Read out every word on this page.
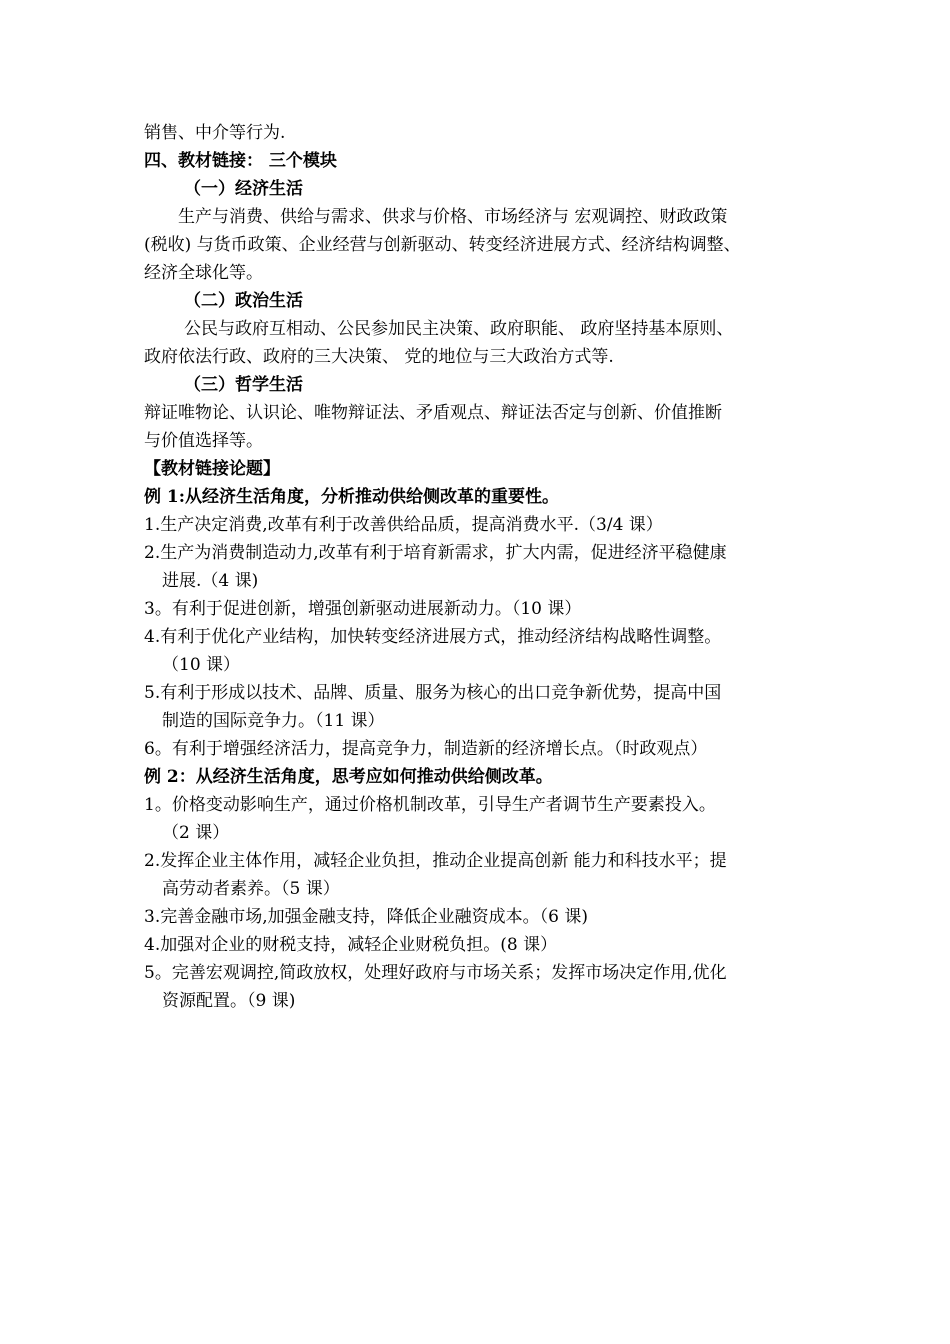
销售、中介等行为.
四、教材链接： 三个模块
（一）经济生活
生产与消费、供给与需求、供求与价格、市场经济与 宏观调控、财政政策
(税收) 与货币政策、企业经营与创新驱动、转变经济进展方式、经济结构调整、
经济全球化等。
（二）政治生活
公民与政府互相动、公民参加民主决策、政府职能、 政府坚持基本原则、
政府依法行政、政府的三大决策、 党的地位与三大政治方式等.
（三）哲学生活
辩证唯物论、认识论、唯物辩证法、矛盾观点、辩证法否定与创新、价值推断
与价值选择等。
【教材链接论题】
例 1:从经济生活角度，分析推动供给侧改革的重要性。
1.生产决定消费,改革有利于改善供给品质，提高消费水平.（3/4 课）
2.生产为消费制造动力,改革有利于培育新需求，扩大内需，促进经济平稳健康
进展.（4 课)
3。有利于促进创新，增强创新驱动进展新动力。（10 课）
4.有利于优化产业结构，加快转变经济进展方式，推动经济结构战略性调整。
（10 课）
5.有利于形成以技术、品牌、质量、服务为核心的出口竞争新优势，提高中国
制造的国际竞争力。（11 课）
6。有利于增强经济活力，提高竞争力，制造新的经济增长点。（时政观点）
例 2：从经济生活角度，思考应如何推动供给侧改革。
1。价格变动影响生产，通过价格机制改革，引导生产者调节生产要素投入。
（2 课）
2.发挥企业主体作用，减轻企业负担，推动企业提高创新 能力和科技水平；提
高劳动者素养。（5 课）
3.完善金融市场,加强金融支持，降低企业融资成本。（6 课)
4.加强对企业的财税支持，减轻企业财税负担。(8 课）
5。完善宏观调控,简政放权，处理好政府与市场关系；发挥市场决定作用,优化
资源配置。（9 课)
